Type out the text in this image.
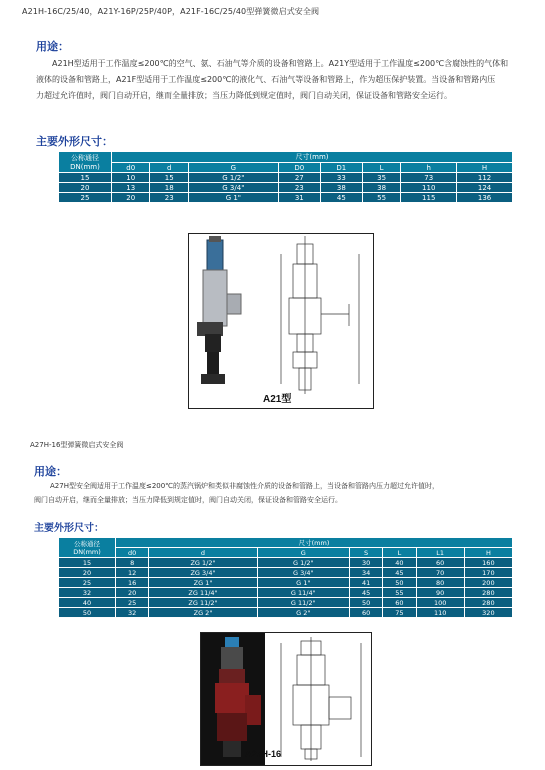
A21H-16C/25/40，A21Y-16P/25P/40P，A21F-16C/25/40型弹簧微启式安全阀
用途：
A21H型适用于工作温度≤200℃的空气、氨、石油气等介质的设备和管路上。A21Y型适用于工作温度≤200℃含腐蚀性的气体和
液体的设备和管路上，A21F型适用于工作温度≤200℃的液化气、石油气等设备和管路上，作为超压保护装置。当设备和管路内压
力超过允许值时，阀门自动开启，继而全量排放；当压力降低到规定值时，阀门自动关闭，保证设备和管路安全运行。
主要外形尺寸：
公称通径
DN(mm)	尺寸(mm)							
	d0	d	G	D0	D1	L	h	H
15	10	15	G 1/2"	27	33	35	73	112
20	13	18	G 3/4"	23	38	38	110	124
25	20	23	G 1"	31	45	55	115	136
A21型
A27H-16型弹簧微启式安全阀
用途：
A27H型安全阀适用于工作温度≤200℃的蒸汽锅炉和类似非腐蚀性介质的设备和管路上，当设备和管路内压力超过允许值时，
阀门自动开启，继而全量排放；当压力降低到规定值时，阀门自动关闭，保证设备和管路安全运行。
主要外形尺寸：
公称通径
DN(mm)	尺寸(mm)						
	d0	d	G	S	L	L1	H
15	8	ZG 1/2"	G 1/2"	30	40	60	160
20	12	ZG 3/4"	G 3/4"	34	45	70	170
25	16	ZG 1"	G 1"	41	50	80	200
32	20	ZG 11/4"	G 11/4"	45	55	90	280
40	25	ZG 11/2"	G 11/2"	50	60	100	280
50	32	ZG 2"	G 2"	60	75	110	320
A27H-16
